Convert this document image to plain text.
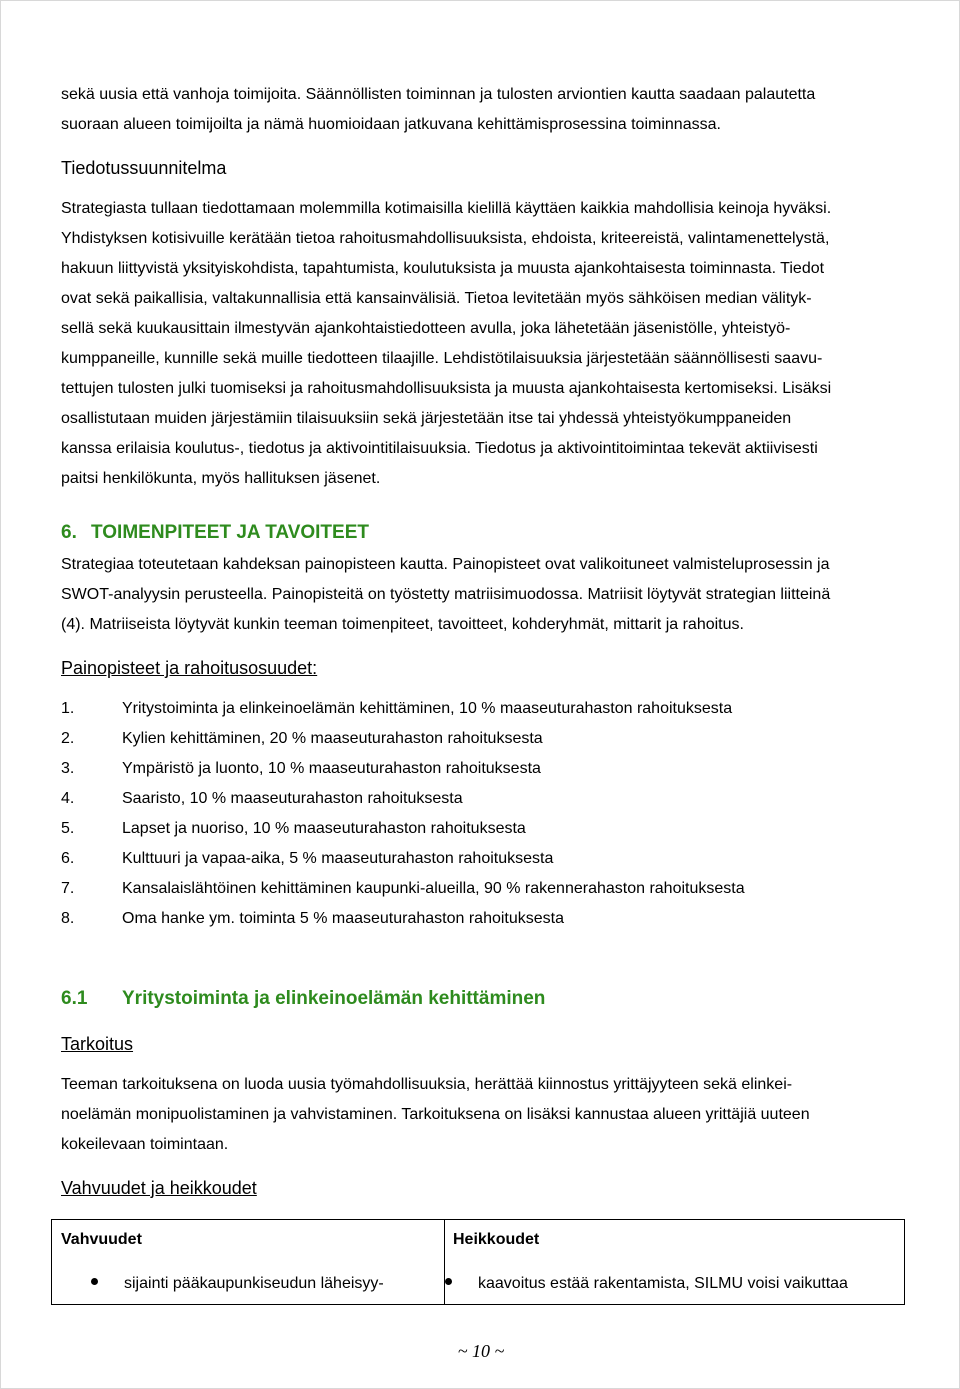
sekä uusia että vanhoja toimijoita. Säännöllisten toiminnan ja tulosten arviontien kautta saadaan palautetta
suoraan alueen toimijoilta ja nämä huomioidaan jatkuvana kehittämisprosessina toiminnassa.
Tiedotussuunnitelma
Strategiasta tullaan tiedottamaan molemmilla kotimaisilla kielillä käyttäen kaikkia mahdollisia keinoja hyväksi.
Yhdistyksen kotisivuille kerätään tietoa rahoitusmahdollisuuksista, ehdoista, kriteereistä, valintamenettelystä,
hakuun liittyvistä yksityiskohdista, tapahtumista, koulutuksista ja muusta ajankohtaisesta toiminnasta. Tiedot
ovat sekä paikallisia, valtakunnallisia että kansainvälisiä. Tietoa levitetään myös sähköisen median välityk-
sellä sekä kuukausittain ilmestyvän ajankohtaistiedotteen avulla, joka lähetetään jäsenistölle, yhteistyö-
kumppaneille, kunnille sekä muille tiedotteen tilaajille. Lehdistötilaisuuksia järjestetään säännöllisesti saavu-
tettujen tulosten julki tuomiseksi ja rahoitusmahdollisuuksista ja muusta ajankohtaisesta kertomiseksi. Lisäksi
osallistutaan muiden järjestämiin tilaisuuksiin sekä järjestetään itse tai yhdessä yhteistyökumppaneiden
kanssa erilaisia koulutus-, tiedotus ja aktivointitilaisuuksia. Tiedotus ja aktivointitoimintaa tekevät aktiivisesti
paitsi henkilökunta, myös hallituksen jäsenet.
6. TOIMENPITEET JA TAVOITEET
Strategiaa toteutetaan kahdeksan painopisteen kautta. Painopisteet ovat valikoituneet valmisteluprosessin ja
SWOT-analyysin perusteella. Painopisteitä on työstetty matriisimuodossa. Matriisit löytyvät strategian liitteinä
(4). Matriiseista löytyvät kunkin teeman toimenpiteet, tavoitteet, kohderyhmät, mittarit ja rahoitus.
Painopisteet ja rahoitusosuudet:
1.	Yritystoiminta ja elinkeinoelämän kehittäminen, 10 % maaseuturahaston rahoituksesta
2.	Kylien kehittäminen, 20 % maaseuturahaston rahoituksesta
3.	Ympäristö ja luonto, 10 % maaseuturahaston rahoituksesta
4.	Saaristo, 10 % maaseuturahaston rahoituksesta
5.	Lapset ja nuoriso, 10 % maaseuturahaston rahoituksesta
6.	Kulttuuri ja vapaa-aika, 5 % maaseuturahaston rahoituksesta
7.	Kansalaislähtöinen kehittäminen kaupunki-alueilla, 90 % rakennerahaston rahoituksesta
8.	Oma hanke ym. toiminta 5 % maaseuturahaston rahoituksesta
6.1 Yritystoiminta ja elinkeinoelämän kehittäminen
Tarkoitus
Teeman tarkoituksena on luoda uusia työmahdollisuuksia, herättää kiinnostus yrittäjyyteen sekä elinkei-
noelämän monipuolistaminen ja vahvistaminen. Tarkoituksena on lisäksi kannustaa alueen yrittäjiä uuteen
kokeilevaan toimintaan.
Vahvuudet ja heikkoudet

Vahvuudet	Heikkoudet
sijainti pääkaupunkiseudun läheisyy-	kaavoitus estää rakentamista, SILMU voisi vaikuttaa
~ 10 ~
